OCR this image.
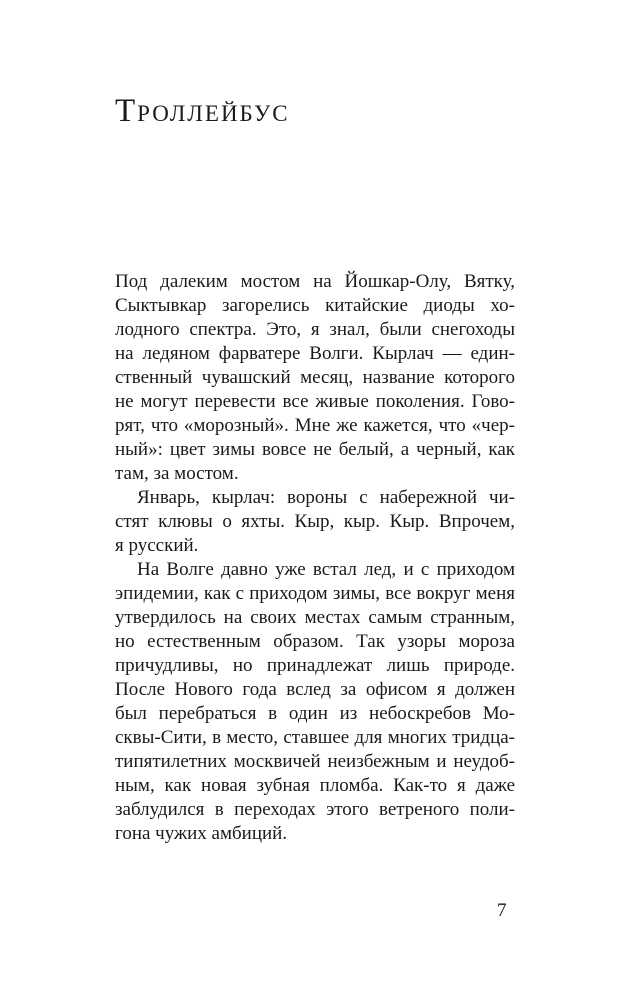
Троллейбус
Под далеким мостом на Йошкар-Олу, Вятку,
Сыктывкар загорелись китайские диоды хо-
лодного спектра. Это, я знал, были снегоходы
на ледяном фарватере Волги. Кырлач — един-
ственный чувашский месяц, название которого
не могут перевести все живые поколения. Гово-
рят, что «морозный». Мне же кажется, что «чер-
ный»: цвет зимы вовсе не белый, а черный, как
там, за мостом.
Январь, кырлач: вороны с набережной чи-
стят клювы о яхты. Кыр, кыр. Кыр. Впрочем,
я русский.
На Волге давно уже встал лед, и с приходом
эпидемии, как с приходом зимы, все вокруг меня
утвердилось на своих местах самым странным,
но естественным образом. Так узоры мороза
причудливы, но принадлежат лишь природе.
После Нового года вслед за офисом я должен
был перебраться в один из небоскребов Мо-
сквы-Сити, в место, ставшее для многих тридца-
типятилетних москвичей неизбежным и неудоб-
ным, как новая зубная пломба. Как-то я даже
заблудился в переходах этого ветреного поли-
гона чужих амбиций.
7
